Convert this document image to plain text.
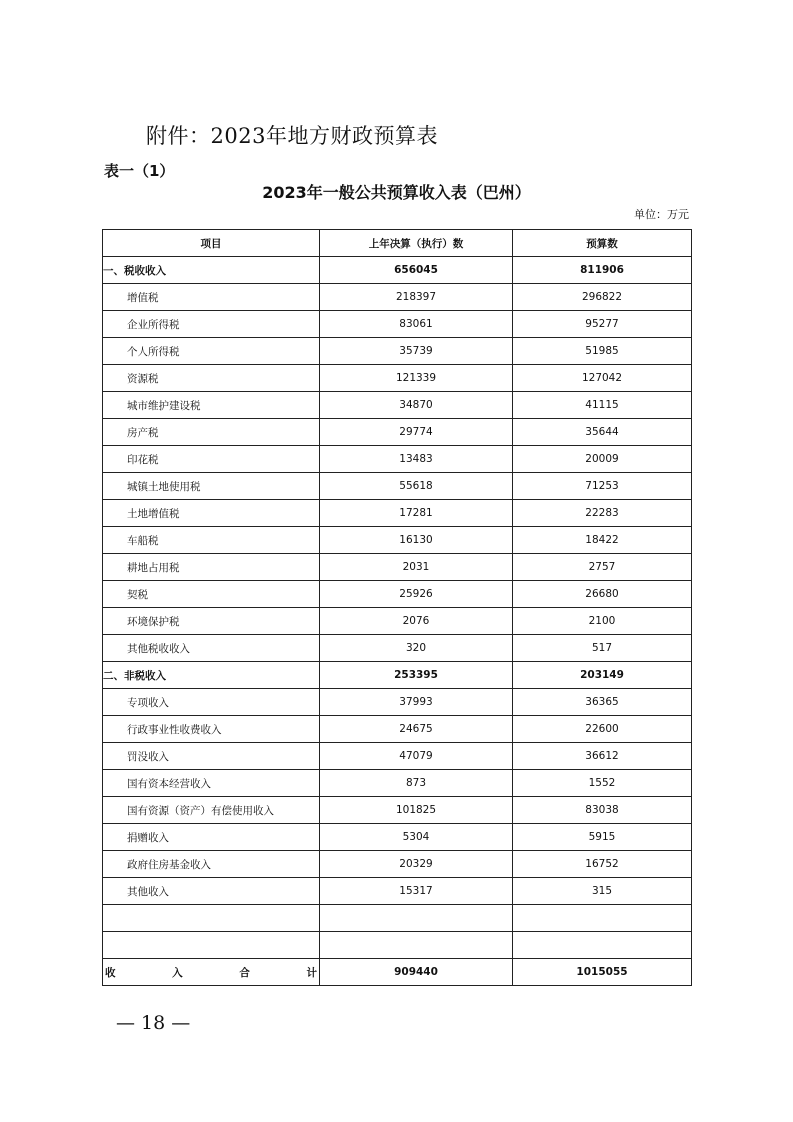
附件：2023年地方财政预算表
表一（1）
2023年一般公共预算收入表（巴州）
单位：万元
项目	上年决算（执行）数	预算数
一、税收收入	656045	811906
增值税	218397	296822
企业所得税	83061	95277
个人所得税	35739	51985
资源税	121339	127042
城市维护建设税	34870	41115
房产税	29774	35644
印花税	13483	20009
城镇土地使用税	55618	71253
土地增值税	17281	22283
车船税	16130	18422
耕地占用税	2031	2757
契税	25926	26680
环境保护税	2076	2100
其他税收收入	320	517
二、非税收入	253395	203149
专项收入	37993	36365
行政事业性收费收入	24675	22600
罚没收入	47079	36612
国有资本经营收入	873	1552
国有资源（资产）有偿使用收入	101825	83038
捐赠收入	5304	5915
政府住房基金收入	20329	16752
其他收入	15317	315

收 入 合 计	909440	1015055
— 18 —
